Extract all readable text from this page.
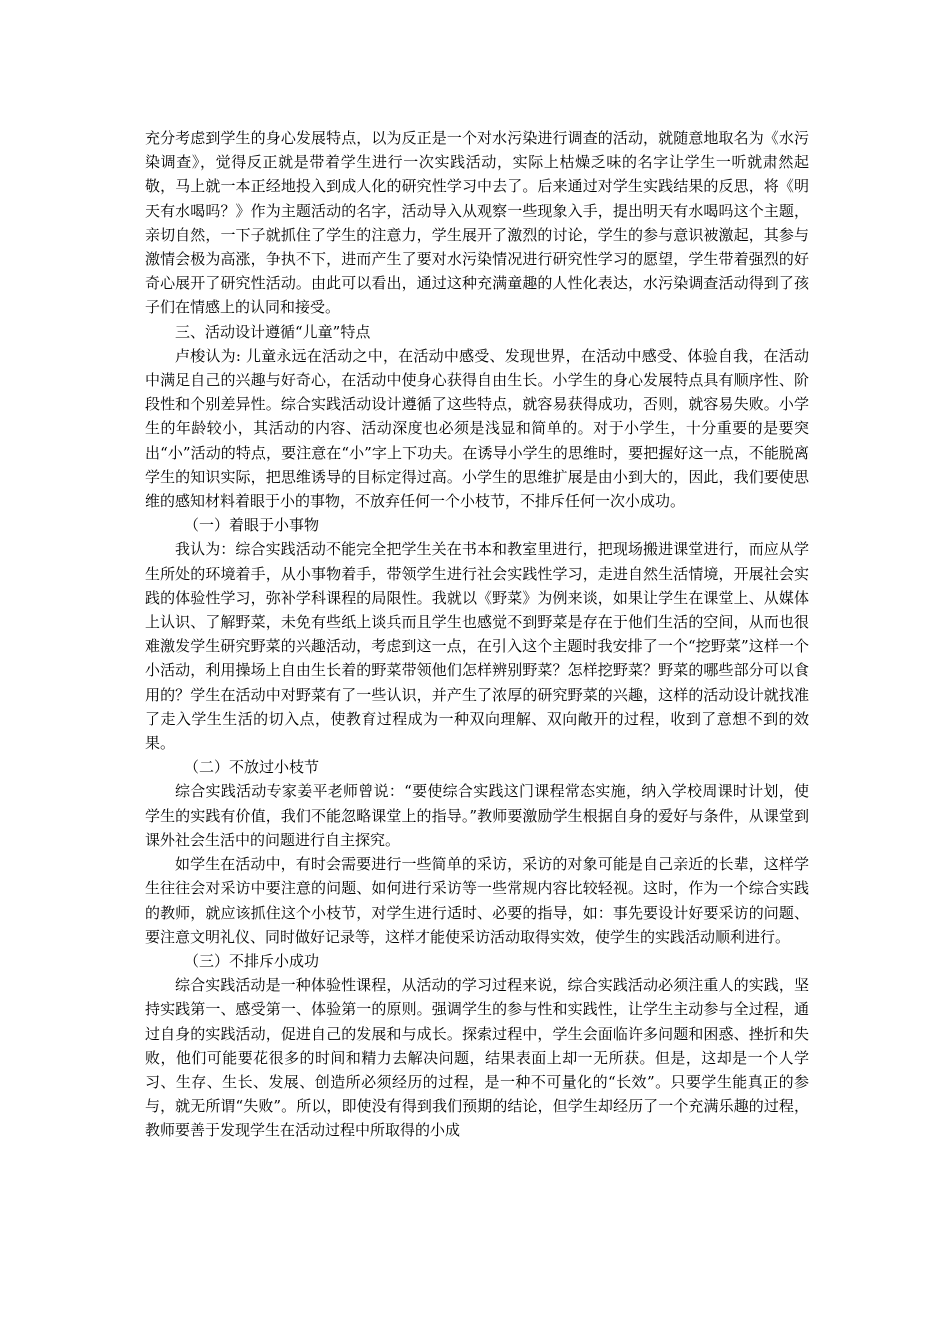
充分考虑到学生的身心发展特点，以为反正是一个对水污染进行调查的活动，就随意地取名为《水污染调查》，觉得反正就是带着学生进行一次实践活动，实际上枯燥乏味的名字让学生一听就肃然起敬，马上就一本正经地投入到成人化的研究性学习中去了。后来通过对学生实践结果的反思，将《明天有水喝吗？》作为主题活动的名字，活动导入从观察一些现象入手，提出明天有水喝吗这个主题，亲切自然，一下子就抓住了学生的注意力，学生展开了激烈的讨论，学生的参与意识被激起，其参与激情会极为高涨，争执不下，进而产生了要对水污染情况进行研究性学习的愿望，学生带着强烈的好奇心展开了研究性活动。由此可以看出，通过这种充满童趣的人性化表达，水污染调查活动得到了孩子们在情感上的认同和接受。

三、活动设计遵循“儿童”特点

卢梭认为: 儿童永远在活动之中，在活动中感受、发现世界，在活动中感受、体验自我，在活动中满足自己的兴趣与好奇心，在活动中使身心获得自由生长。小学生的身心发展特点具有顺序性、阶段性和个别差异性。综合实践活动设计遵循了这些特点，就容易获得成功，否则，就容易失败。小学生的年龄较小，其活动的内容、活动深度也必须是浅显和简单的。对于小学生，十分重要的是要突出“小”活动的特点，要注意在“小”字上下功夫。在诱导小学生的思维时，要把握好这一点，不能脱离学生的知识实际，把思维诱导的目标定得过高。小学生的思维扩展是由小到大的，因此，我们要使思维的感知材料着眼于小的事物，不放弃任何一个小枝节，不排斥任何一次小成功。

（一）着眼于小事物

我认为：综合实践活动不能完全把学生关在书本和教室里进行，把现场搬进课堂进行，而应从学生所处的环境着手，从小事物着手，带领学生进行社会实践性学习，走进自然生活情境，开展社会实践的体验性学习，弥补学科课程的局限性。我就以《野菜》为例来谈，如果让学生在课堂上、从媒体上认识、了解野菜，未免有些纸上谈兵而且学生也感觉不到野菜是存在于他们生活的空间，从而也很难激发学生研究野菜的兴趣活动，考虑到这一点，在引入这个主题时我安排了一个“挖野菜”这样一个小活动，利用操场上自由生长着的野菜带领他们怎样辨别野菜？怎样挖野菜？野菜的哪些部分可以食用的？学生在活动中对野菜有了一些认识，并产生了浓厚的研究野菜的兴趣，这样的活动设计就找准了走入学生生活的切入点，使教育过程成为一种双向理解、双向敞开的过程，收到了意想不到的效果。

（二）不放过小枝节

综合实践活动专家姜平老师曾说：“要使综合实践这门课程常态实施，纳入学校周课时计划，使学生的实践有价值，我们不能忽略课堂上的指导。”教师要激励学生根据自身的爱好与条件，从课堂到课外社会生活中的问题进行自主探究。

如学生在活动中，有时会需要进行一些简单的采访，采访的对象可能是自己亲近的长辈，这样学生往往会对采访中要注意的问题、如何进行采访等一些常规内容比较轻视。这时，作为一个综合实践的教师，就应该抓住这个小枝节，对学生进行适时、必要的指导，如：事先要设计好要采访的问题、要注意文明礼仪、同时做好记录等，这样才能使采访活动取得实效，使学生的实践活动顺利进行。

（三）不排斥小成功

综合实践活动是一种体验性课程，从活动的学习过程来说，综合实践活动必须注重人的实践，坚持实践第一、感受第一、体验第一的原则。强调学生的参与性和实践性，让学生主动参与全过程，通过自身的实践活动，促进自己的发展和与成长。探索过程中，学生会面临许多问题和困惑、挫折和失败，他们可能要花很多的时间和精力去解决问题，结果表面上却一无所获。但是，这却是一个人学习、生存、生长、发展、创造所必须经历的过程，是一种不可量化的“长效”。只要学生能真正的参与，就无所谓“失败”。所以，即使没有得到我们预期的结论，但学生却经历了一个充满乐趣的过程，教师要善于发现学生在活动过程中所取得的小成
